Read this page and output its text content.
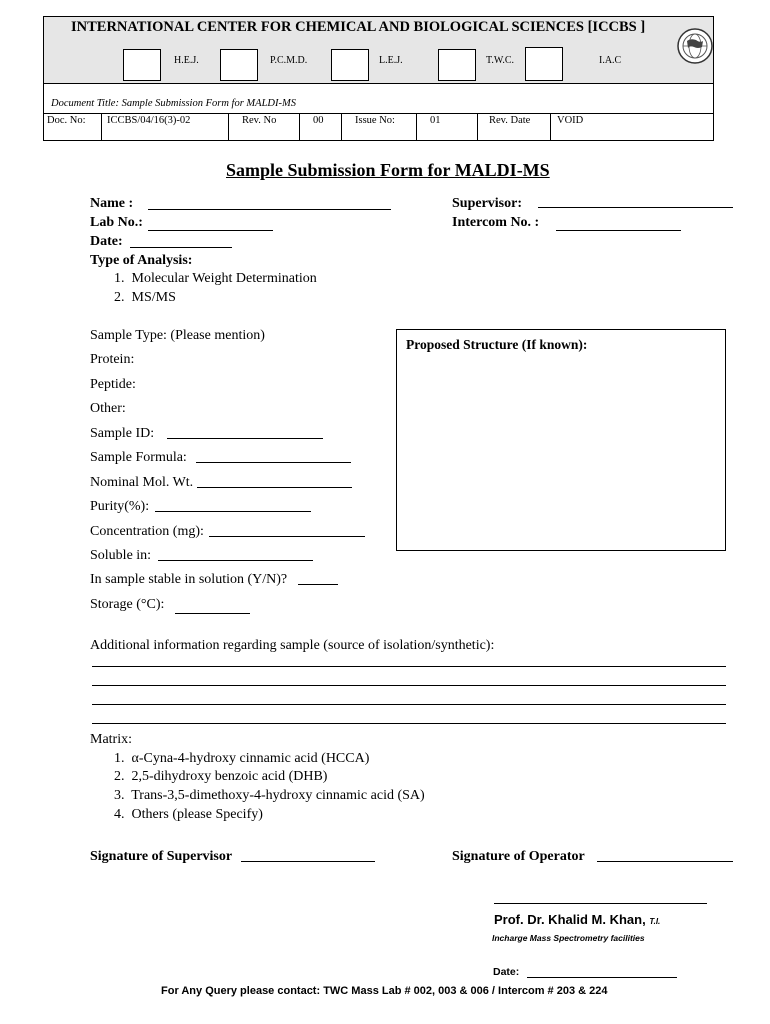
INTERNATIONAL CENTER FOR CHEMICAL AND BIOLOGICAL SCIENCES [ICCBS ]
H.E.J.	P.C.M.D.	L.E.J.	T.W.C.	I.A.C
Document Title: Sample Submission Form for MALDI-MS
Doc. No: ICCBS/04/16(3)-02	Rev. No	00	Issue No:	01	Rev. Date	VOID
Sample Submission Form for MALDI-MS
Name :
Lab No.:
Date:
Supervisor:
Intercom No. :
Type of Analysis:
1.  Molecular Weight Determination
2.  MS/MS
Sample Type: (Please mention)
Protein:
Peptide:
Other:
Sample ID:
Sample Formula:
Nominal Mol. Wt.
Purity(%):
Concentration (mg):
Soluble in:
In sample stable in solution (Y/N)?
Storage (°C):
Proposed Structure (If known):
Additional information regarding sample (source of isolation/synthetic):
Matrix:
1.  α-Cyna-4-hydroxy cinnamic acid (HCCA)
2.  2,5-dihydroxy benzoic acid (DHB)
3.  Trans-3,5-dimethoxy-4-hydroxy cinnamic acid (SA)
4.  Others (please Specify)
Signature of Supervisor	Signature of Operator
Prof. Dr. Khalid M. Khan, T.I.
Incharge Mass Spectrometry facilities
Date:
For Any Query please contact: TWC Mass Lab # 002, 003 & 006 / Intercom # 203 & 224
